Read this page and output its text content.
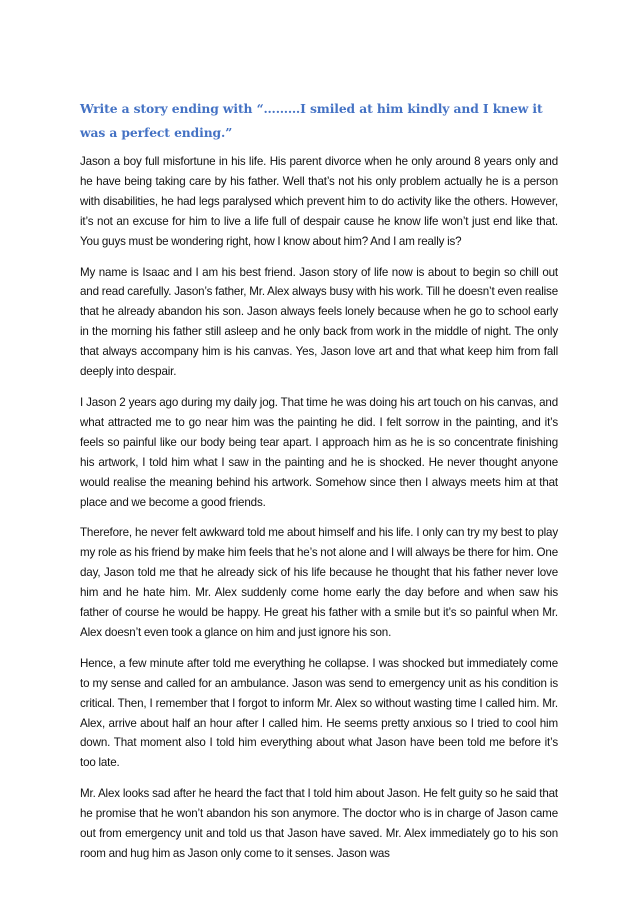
Write a story ending with “………I smiled at him kindly and I knew it was a perfect ending.”

Jason a boy full misfortune in his life. His parent divorce when he only around 8 years only and he have being taking care by his father. Well that’s not his only problem actually he is a person with disabilities, he had legs paralysed which prevent him to do activity like the others. However, it’s not an excuse for him to live a life full of despair cause he know life won’t just end like that. You guys must be wondering right, how I know about him? And I am really is?

My name is Isaac and I am his best friend. Jason story of life now is about to begin so chill out and read carefully. Jason’s father, Mr. Alex always busy with his work. Till he doesn’t even realise that he already abandon his son. Jason always feels lonely because when he go to school early in the morning his father still asleep and he only back from work in the middle of night. The only that always accompany him is his canvas. Yes, Jason love art and that what keep him from fall deeply into despair.

I Jason 2 years ago during my daily jog. That time he was doing his art touch on his canvas, and what attracted me to go near him was the painting he did. I felt sorrow in the painting, and it’s feels so painful like our body being tear apart. I approach him as he is so concentrate finishing his artwork, I told him what I saw in the painting and he is shocked. He never thought anyone would realise the meaning behind his artwork. Somehow since then I always meets him at that place and we become a good friends.

Therefore, he never felt awkward told me about himself and his life. I only can try my best to play my role as his friend by make him feels that he’s not alone and I will always be there for him. One day, Jason told me that he already sick of his life because he thought that his father never love him and he hate him. Mr. Alex suddenly come home early the day before and when saw his father of course he would be happy. He great his father with a smile but it’s so painful when Mr. Alex doesn’t even took a glance on him and just ignore his son.

Hence, a few minute after told me everything he collapse. I was shocked but immediately come to my sense and called for an ambulance. Jason was send to emergency unit as his condition is critical. Then, I remember that I forgot to inform Mr. Alex so without wasting time I called him. Mr. Alex, arrive about half an hour after I called him. He seems pretty anxious so I tried to cool him down. That moment also I told him everything about what Jason have been told me before it’s too late.

Mr. Alex looks sad after he heard the fact that I told him about Jason. He felt guity so he said that he promise that he won’t abandon his son anymore. The doctor who is in charge of Jason came out from emergency unit and told us that Jason have saved. Mr. Alex immediately go to his son room and hug him as Jason only come to it senses. Jason was
